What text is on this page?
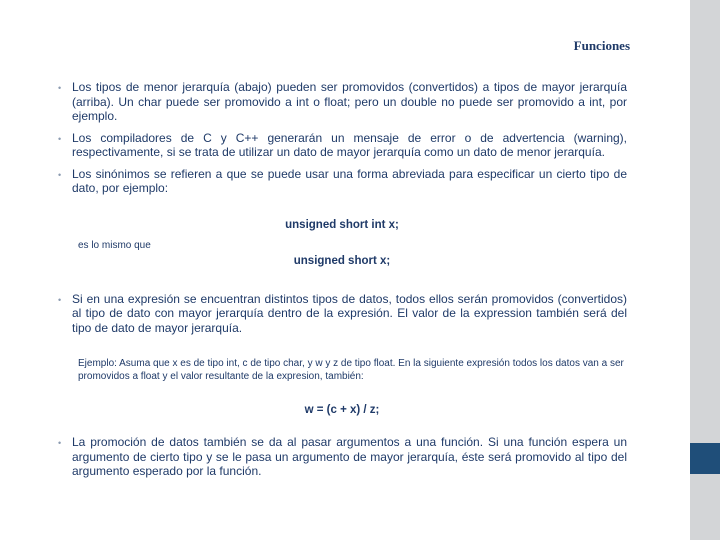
Funciones
• Los tipos de menor jerarquía (abajo) pueden ser promovidos (convertidos) a tipos de mayor jerarquía (arriba). Un char puede ser promovido a int o float; pero un double no puede ser promovido a int, por ejemplo.
• Los compiladores de C y C++ generarán un mensaje de error o de advertencia (warning), respectivamente, si se trata de utilizar un dato de mayor jerarquía como un dato de menor jerarquía.
• Los sinónimos se refieren a que se puede usar una forma abreviada para especificar un cierto tipo de dato, por ejemplo:
unsigned short int x;
es lo mismo que
unsigned short x;
• Si en una expresión se encuentran distintos tipos de datos, todos ellos serán promovidos (convertidos) al tipo de dato con mayor jerarquía dentro de la expresión. El valor de la expression también será del tipo de dato de mayor jerarquía.
Ejemplo: Asuma que x es de tipo int, c de tipo char, y w y z de tipo float. En la siguiente expresión todos los datos van a ser promovidos a float y el valor resultante de la expresion, también:
w = (c + x) / z;
• La promoción de datos también se da al pasar argumentos a una función. Si una función espera un argumento de cierto tipo y se le pasa un argumento de mayor jerarquía, éste será promovido al tipo del argumento esperado por la función.
